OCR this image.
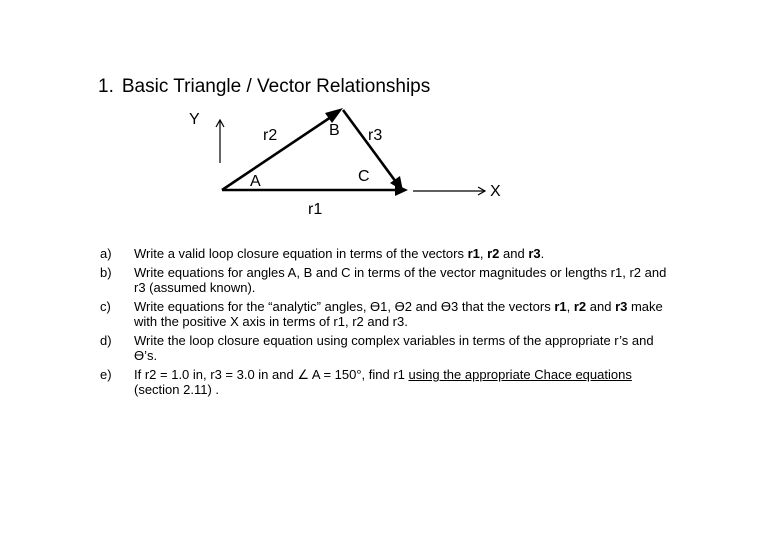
1. Basic Triangle / Vector Relationships
Y
X
r2	r3
r1
B
A	C
a) Write a valid loop closure equation in terms of the vectors r1, r2 and r3.
b) Write equations for angles A, B and C in terms of the vector magnitudes or lengths r1, r2 and r3 (assumed known).
c) Write equations for the “analytic” angles, ϴ1, ϴ2 and ϴ3 that the vectors r1, r2 and r3 make with the positive X axis in terms of r1, r2 and r3.
d) Write the loop closure equation using complex variables in terms of the appropriate r’s and ϴ’s.
e) If r2 = 1.0 in, r3 = 3.0 in and ∠ A = 150°, find r1 using the appropriate Chace equations (section 2.11) .
